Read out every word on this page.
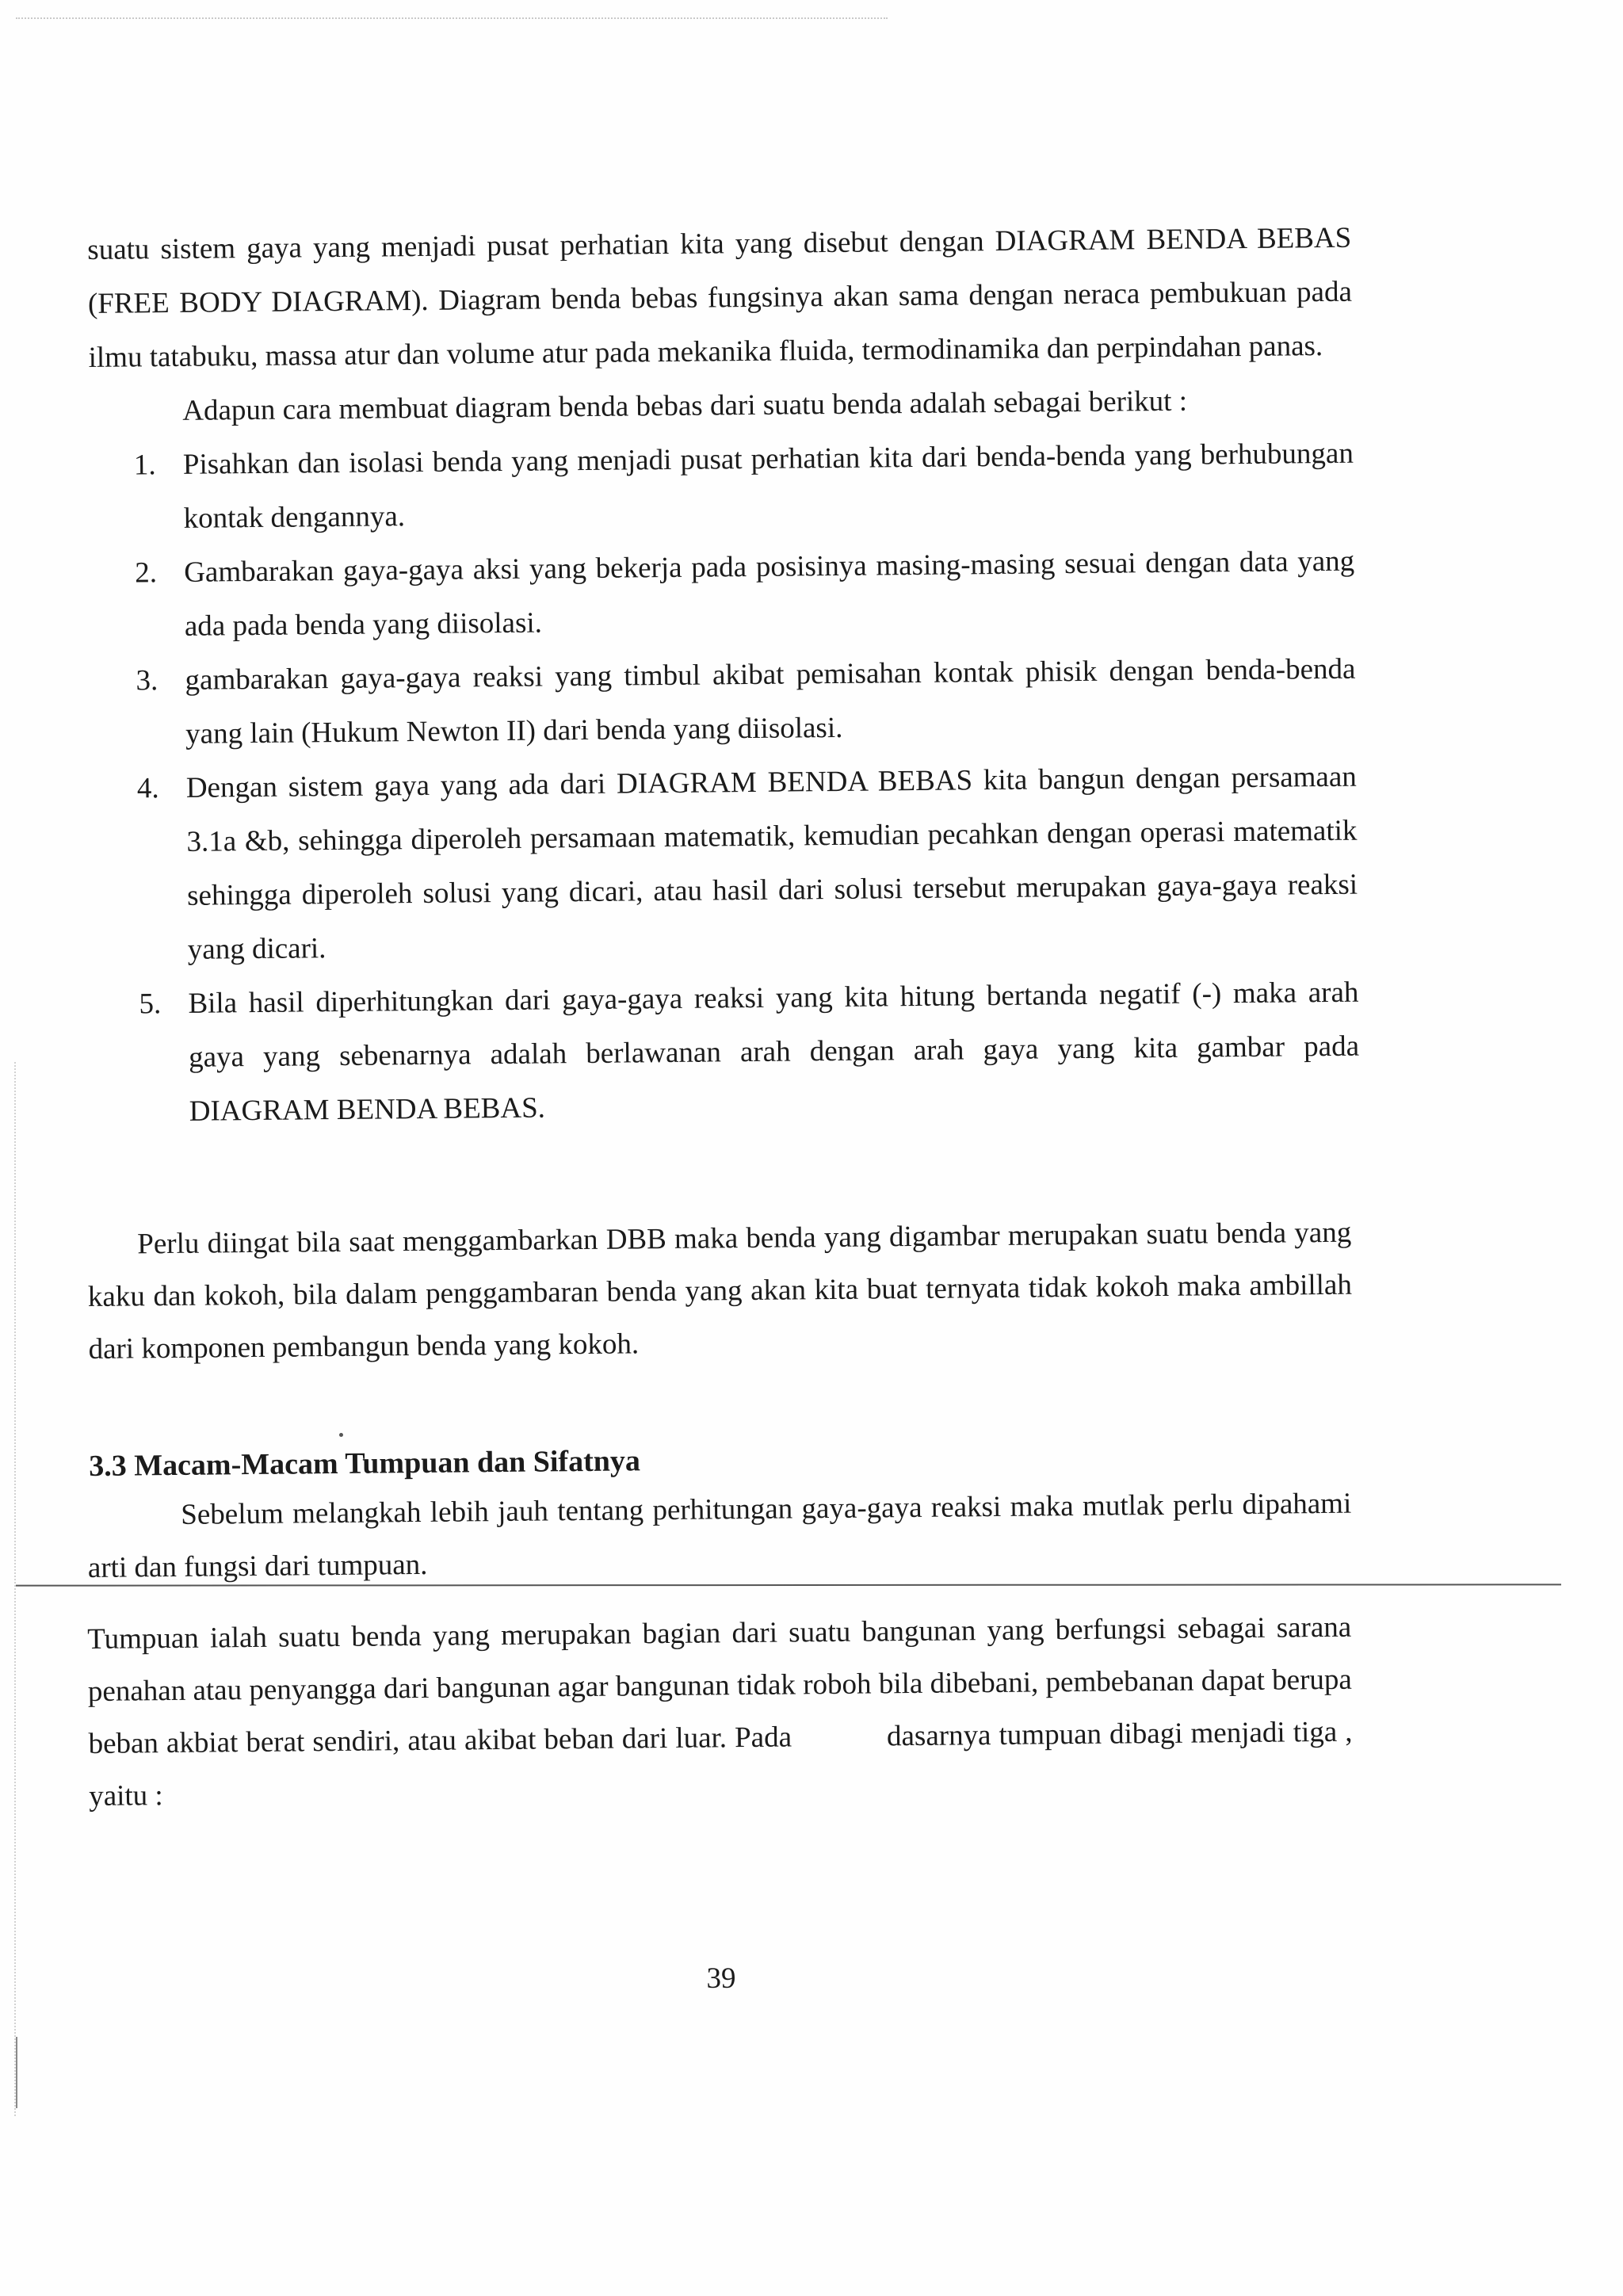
suatu sistem gaya yang menjadi pusat perhatian kita yang disebut dengan DIAGRAM BENDA BEBAS (FREE BODY DIAGRAM). Diagram benda bebas fungsinya akan sama dengan neraca pembukuan pada ilmu tatabuku, massa atur dan volume atur pada mekanika fluida, termodinamika dan perpindahan panas.
Adapun cara membuat diagram benda bebas dari suatu benda adalah sebagai berikut :
1. Pisahkan dan isolasi benda yang menjadi pusat perhatian kita dari benda-benda yang berhubungan kontak dengannya.
2. Gambarakan gaya-gaya aksi yang bekerja pada posisinya masing-masing sesuai dengan data yang ada pada benda yang diisolasi.
3. gambarakan gaya-gaya reaksi yang timbul akibat pemisahan kontak phisik dengan benda-benda yang lain (Hukum Newton II) dari benda yang diisolasi.
4. Dengan sistem gaya yang ada dari DIAGRAM BENDA BEBAS kita bangun dengan persamaan 3.1a &b, sehingga diperoleh persamaan matematik, kemudian pecahkan dengan operasi matematik sehingga diperoleh solusi yang dicari, atau hasil dari solusi tersebut merupakan gaya-gaya reaksi yang dicari.
5. Bila hasil diperhitungkan dari gaya-gaya reaksi yang kita hitung bertanda negatif (-) maka arah gaya yang sebenarnya adalah berlawanan arah dengan arah gaya yang kita gambar pada DIAGRAM BENDA BEBAS.
Perlu diingat bila saat menggambarkan DBB maka benda yang digambar merupakan suatu benda yang kaku dan kokoh, bila dalam penggambaran benda yang akan kita buat ternyata tidak kokoh maka ambillah dari komponen pembangun benda yang kokoh.
3.3 Macam-Macam Tumpuan dan Sifatnya
Sebelum melangkah lebih jauh tentang perhitungan gaya-gaya reaksi maka mutlak perlu dipahami arti dan fungsi dari tumpuan.
Tumpuan ialah suatu benda yang merupakan bagian dari suatu bangunan yang berfungsi sebagai sarana penahan atau penyangga dari bangunan agar bangunan tidak roboh bila dibebani, pembebanan dapat berupa beban akbiat berat sendiri, atau akibat beban dari luar. Pada	dasarnya tumpuan dibagi menjadi tiga , yaitu :
39
